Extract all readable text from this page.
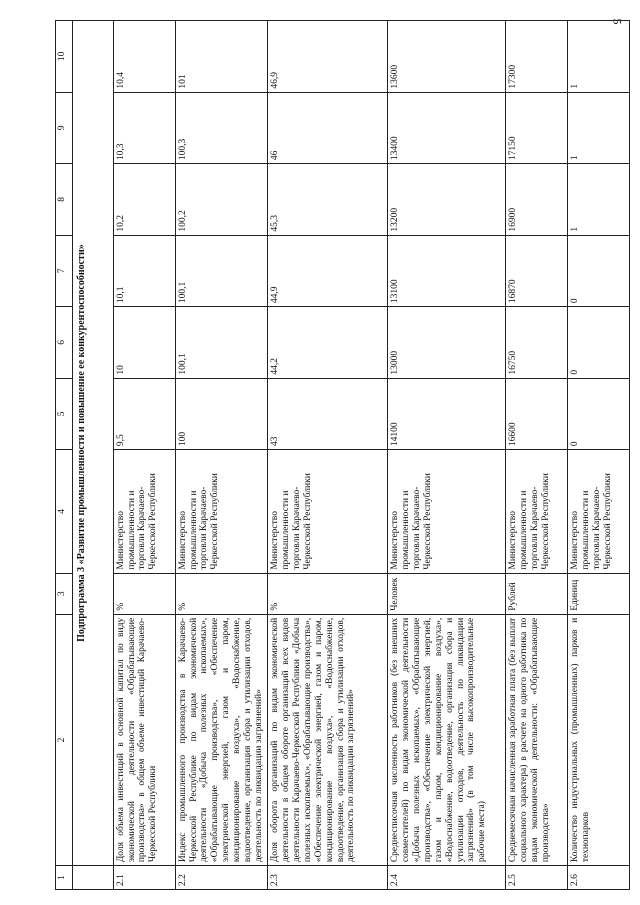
5
1	2	3	4	5	6	7	8	9	10
	Подпрограмма 3 «Развитие промышленности и повышение ее конкурентоспособности»								
2.1	Доля объема инвестиций в основной капитал по виду экономической деятельности «Обрабатывающие производства» в общем объеме инвестиций Карачаево-Черкесской Республики	%	Министерство промышленности и торговли Карачаево-Черкесской Республики	9,5	10	10,1	10,2	10,3	10,4
2.2	Индекс промышленного производства в Карачаево-Черкесской Республике по видам экономической деятельности «Добыча полезных ископаемых», «Обрабатывающие производства», «Обеспечение электрической энергией, газом и паром, кондиционирование воздуха», «Водоснабжение, водоотведение, организация сбора и утилизации отходов, деятельность по ликвидации загрязнений»	%	Министерство промышленности и торговли Карачаево-Черкесской Республики	100	100,1	100,1	100,2	100,3	101
2.3	Доля оборота организаций по видам экономической деятельности в общем обороте организаций всех видов деятельности Карачаево-Черкесской Республики «Добыча полезных ископаемых», «Обрабатывающие производства», «Обеспечение электрической энергией, газом и паром, кондиционирование воздуха», «Водоснабжение, водоотведение, организация сбора и утилизации отходов, деятельность по ликвидации загрязнений»	%	Министерство промышленности и торговли Карачаево-Черкесской Республики	43	44,2	44,9	45,3	46	46,9
2.4	Среднесписочная численность работников (без внешних совместителей) по видам экономической деятельности «Добыча полезных ископаемых», «Обрабатывающие производства», «Обеспечение электрической энергией, газом и паром, кондиционирование воздуха», «Водоснабжение, водоотведение, организация сбора и утилизации отходов, деятельность по ликвидации загрязнений» (в том числе высокопроизводительные рабочие места)	Человек	Министерство промышленности и торговли Карачаево-Черкесской Республики	14100	13000	13100	13200	13400	13600
2.5	Среднемесячная начисленная заработная плата (без выплат социального характера) в расчете на одного работника по видам экономической деятельности: «Обрабатывающие производства»	Рублей	Министерство промышленности и торговли Карачаево-Черкесской Республики	16600	16750	16870	16900	17150	17300
2.6	Количество индустриальных (промышленных) парков и технопарков	Единиц	Министерство промышленности и торговли Карачаево-Черкесской Республики	0	0	0	1	1	1
